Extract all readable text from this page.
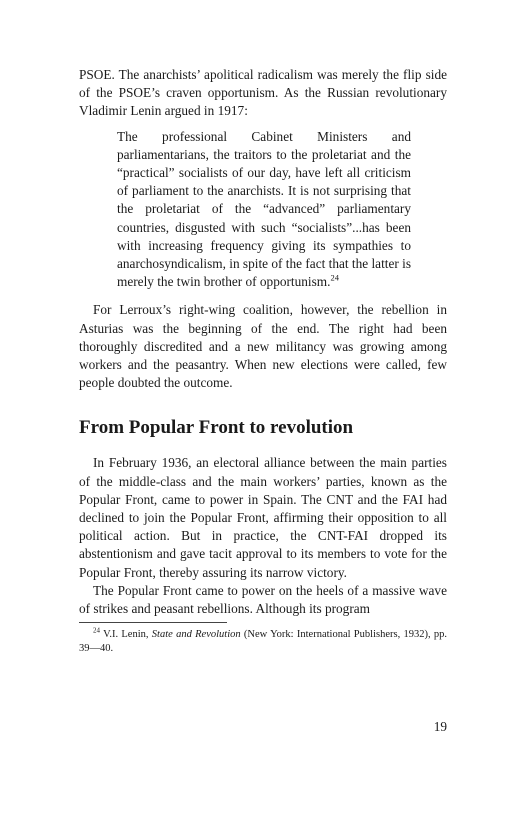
PSOE. The anarchists’ apolitical radicalism was merely the flip side of the PSOE’s craven opportunism. As the Russian revolutionary Vladimir Lenin argued in 1917:

The professional Cabinet Ministers and parliamentarians, the traitors to the proletariat and the “practical” socialists of our day, have left all criticism of parliament to the anarchists. It is not surprising that the proletariat of the “advanced” parliamentary countries, disgusted with such “socialists”...has been with increasing frequency giving its sympathies to anarchosyndicalism, in spite of the fact that the latter is merely the twin brother of opportunism.$^{24}$

For Lerroux’s right-wing coalition, however, the rebellion in Asturias was the beginning of the end. The right had been thoroughly discredited and a new militancy was growing among workers and the peasantry. When new elections were called, few people doubted the outcome.

From Popular Front to revolution

In February 1936, an electoral alliance between the main parties of the middle-class and the main workers’ parties, known as the Popular Front, came to power in Spain. The CNT and the FAI had declined to join the Popular Front, affirming their opposition to all political action. But in practice, the CNT-FAI dropped its abstentionism and gave tacit approval to its members to vote for the Popular Front, thereby assuring its narrow victory.

The Popular Front came to power on the heels of a massive wave of strikes and peasant rebellions. Although its program

$^{24}$ V.I. Lenin, State and Revolution (New York: International Publishers, 1932), pp. 39—40.

19
